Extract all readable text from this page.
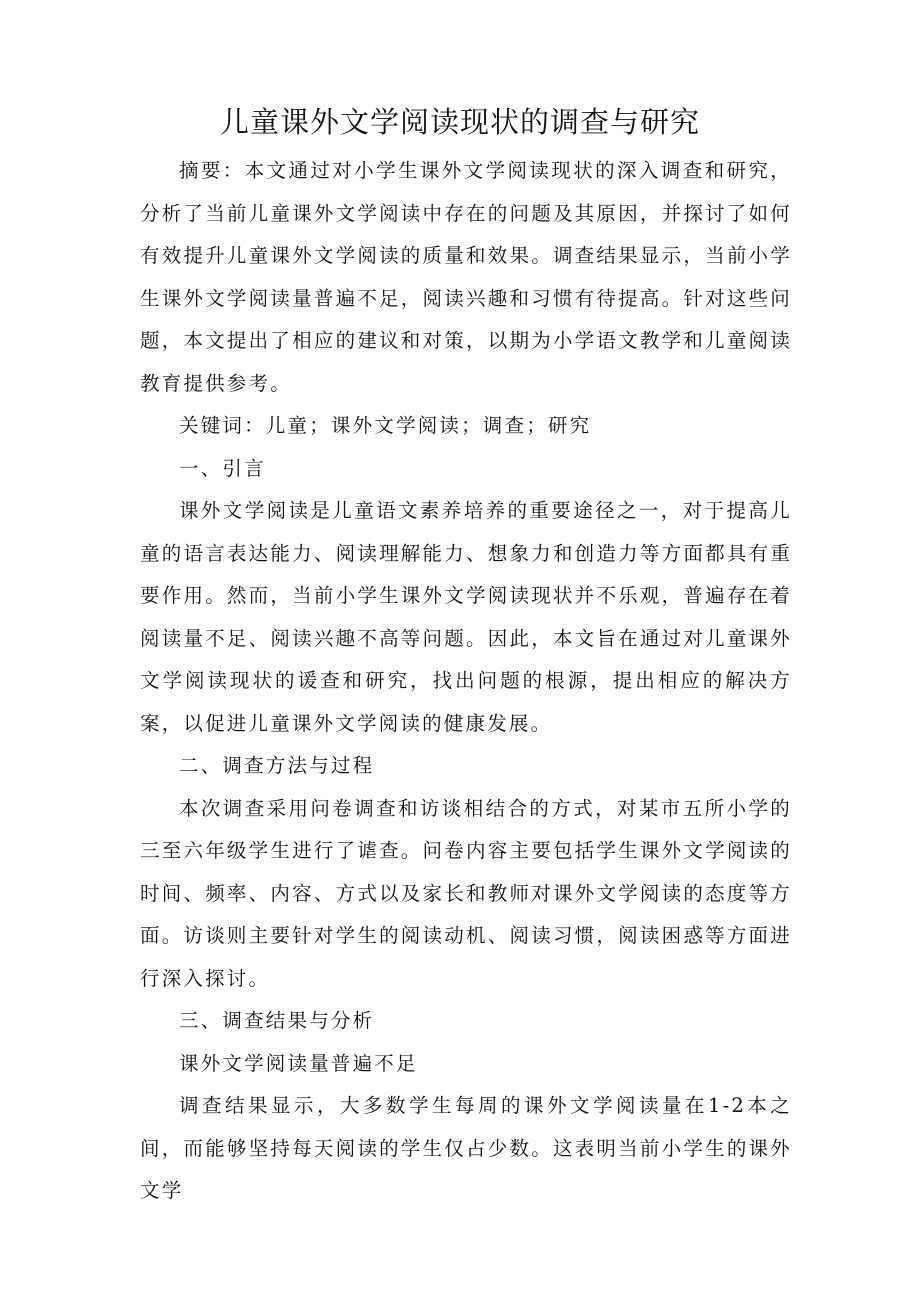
儿童课外文学阅读现状的调查与研究

摘要：本文通过对小学生课外文学阅读现状的深入调查和研究，分析了当前儿童课外文学阅读中存在的问题及其原因，并探讨了如何有效提升儿童课外文学阅读的质量和效果。调查结果显示，当前小学生课外文学阅读量普遍不足，阅读兴趣和习惯有待提高。针对这些问题，本文提出了相应的建议和对策，以期为小学语文教学和儿童阅读教育提供参考。

关键词：儿童；课外文学阅读；调查；研究

一、引言

课外文学阅读是儿童语文素养培养的重要途径之一，对于提高儿童的语言表达能力、阅读理解能力、想象力和创造力等方面都具有重要作用。然而，当前小学生课外文学阅读现状并不乐观，普遍存在着阅读量不足、阅读兴趣不高等问题。因此，本文旨在通过对儿童课外文学阅读现状的谖查和研究，找出问题的根源，提出相应的解决方案，以促进儿童课外文学阅读的健康发展。

二、调查方法与过程

本次调查采用问卷调查和访谈相结合的方式，对某市五所小学的三至六年级学生进行了谑查。问卷内容主要包括学生课外文学阅读的时间、频率、内容、方式以及家长和教师对课外文学阅读的态度等方面。访谈则主要针对学生的阅读动机、阅读习惯，阅读困惑等方面进行深入探讨。

三、调查结果与分析

课外文学阅读量普遍不足

调查结果显示，大多数学生每周的课外文学阅读量在1-2本之间，而能够坚持每天阅读的学生仅占少数。这表明当前小学生的课外文学
